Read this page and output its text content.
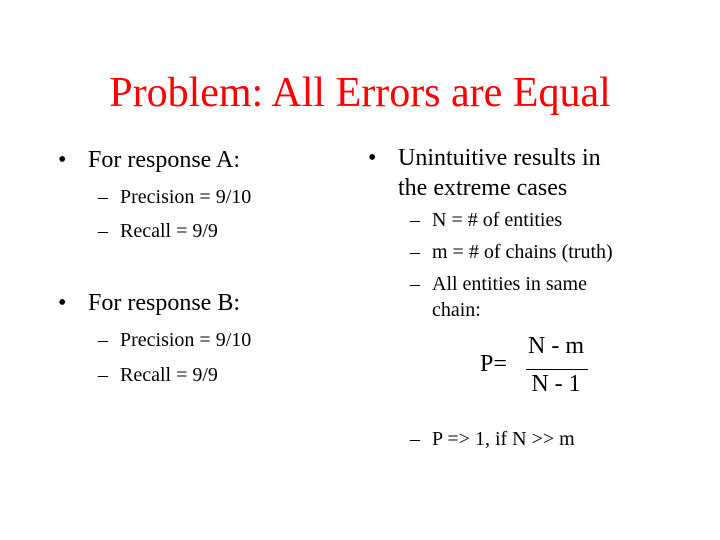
Problem: All Errors are Equal
• For response A:
– Precision = 9/10
– Recall = 9/9
• For response B:
– Precision = 9/10
– Recall = 9/9
• Unintuitive results in
the extreme cases
– N = # of entities
– m = # of chains (truth)
– All entities in same
chain:
P=
N - m
N - 1
– P => 1, if N >> m
